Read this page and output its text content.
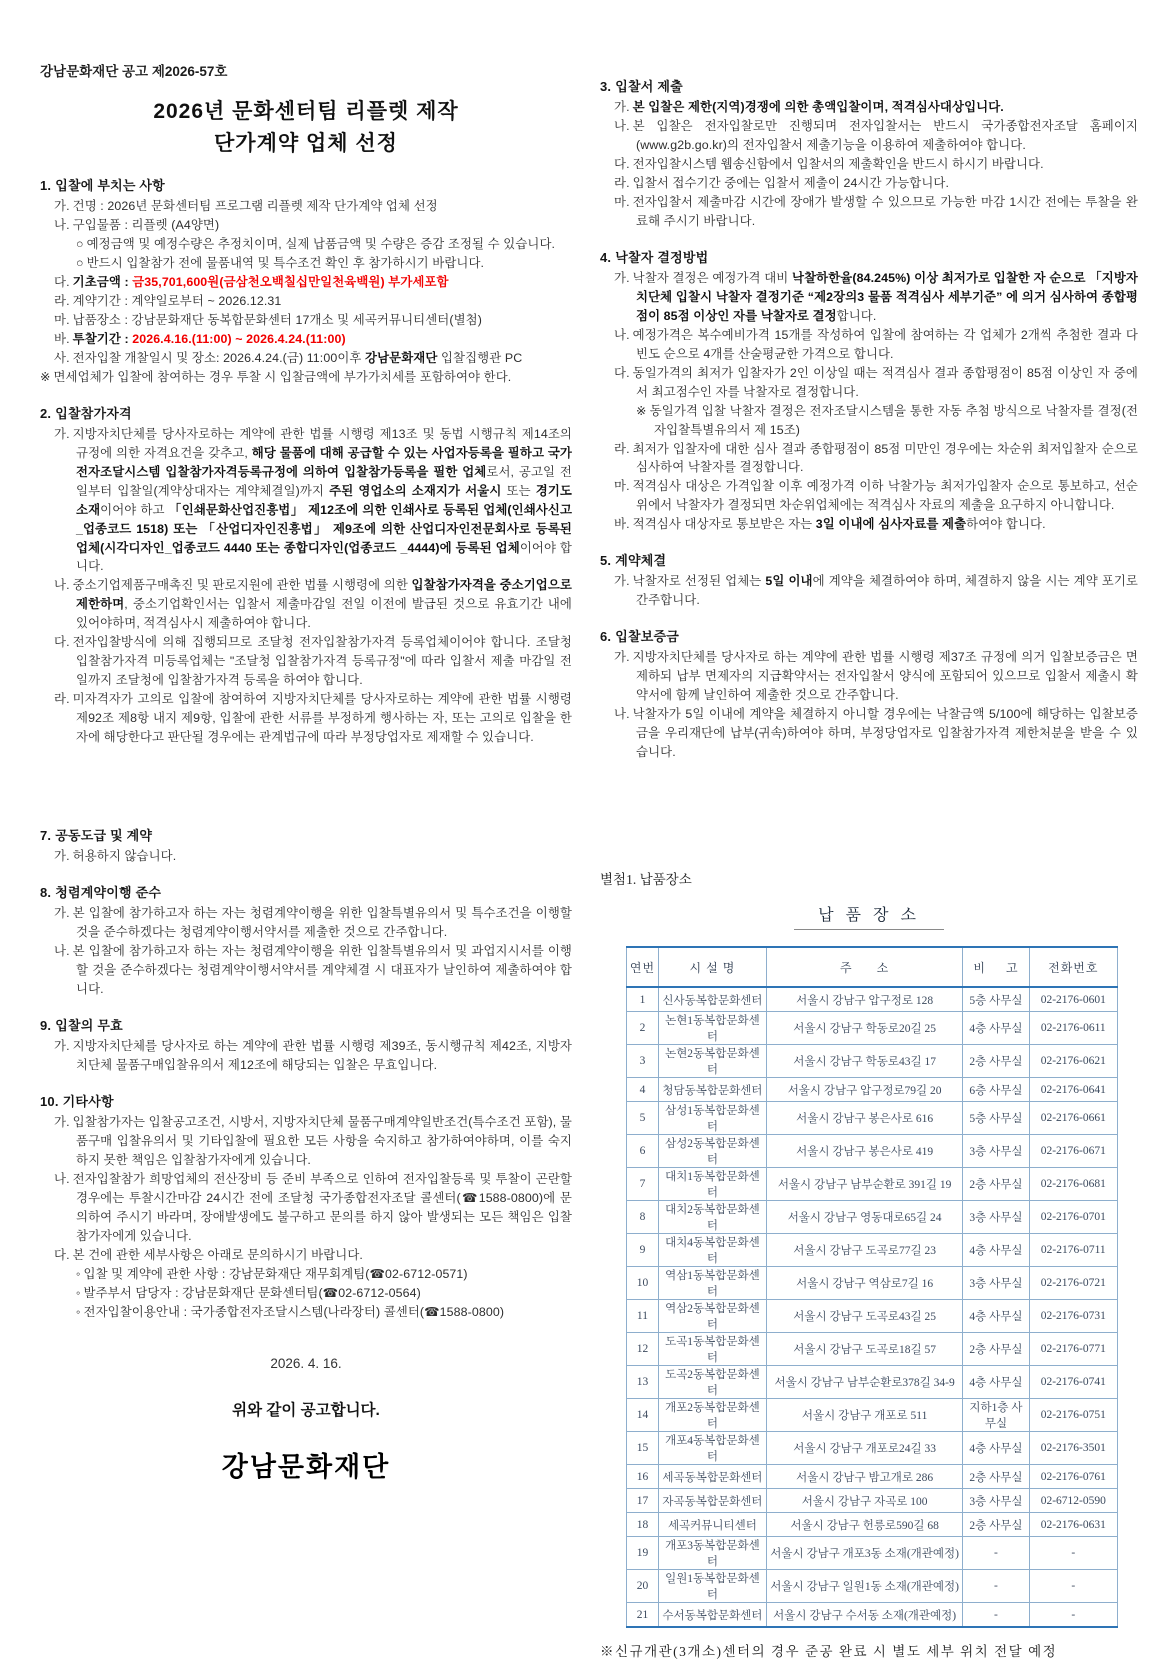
강남문화재단 공고 제2026-57호
2026년 문화센터팀 리플렛 제작
단가계약 업체 선정
1. 입찰에 부치는 사항
가. 건명 : 2026년 문화센터팀 프로그램 리플렛 제작 단가계약 업체 선정
나. 구입물품 : 리플렛 (A4양면)
○ 예정금액 및 예정수량은 추정치이며, 실제 납품금액 및 수량은 증감 조정될 수 있습니다.
○ 반드시 입찰참가 전에 물품내역 및 특수조건 확인 후 참가하시기 바랍니다.
다. 기초금액 : 금35,701,600원(금삼천오백칠십만일천육백원) 부가세포함
라. 계약기간 : 계약일로부터 ~ 2026.12.31
마. 납품장소 : 강남문화재단 동복합문화센터 17개소 및 세곡커뮤니티센터(별첨)
바. 투찰기간 : 2026.4.16.(11:00) ~ 2026.4.24.(11:00)
사. 전자입찰 개찰일시 및 장소: 2026.4.24.(금) 11:00이후 강남문화재단 입찰집행관 PC
※ 면세업체가 입찰에 참여하는 경우 투찰 시 입찰금액에 부가가치세를 포함하여야 한다.
2. 입찰참가자격
가. 지방자치단체를 당사자로하는 계약에 관한 법률 시행령 제13조 및 동법 시행규칙 제14조의 규정에 의한 자격요건을 갖추고, 해당 물품에 대해 공급할 수 있는 사업자등록을 필하고 국가전자조달시스템 입찰참가자격등록규정에 의하여 입찰참가등록을 필한 업체로서, 공고일 전일부터 입찰일(계약상대자는 계약체결일)까지 주된 영업소의 소재지가 서울시 또는 경기도 소재이어야 하고 「인쇄문화산업진흥법」 제12조에 의한 인쇄사로 등록된 업체(인쇄사신고_업종코드 1518) 또는 「산업디자인진흥법」 제9조에 의한 산업디자인전문회사로 등록된 업체(시각디자인_업종코드 4440 또는 종합디자인(업종코드 _4444)에 등록된 업체이어야 합니다.
나. 중소기업제품구매촉진 및 판로지원에 관한 법률 시행령에 의한 입찰참가자격을 중소기업으로 제한하며, 중소기업확인서는 입찰서 제출마감일 전일 이전에 발급된 것으로 유효기간 내에 있어야하며, 적격심사시 제출하여야 합니다.
다. 전자입찰방식에 의해 집행되므로 조달청 전자입찰참가자격 등록업체이어야 합니다. 조달청 입찰참가자격 미등록업체는 "조달청 입찰참가자격 등록규정"에 따라 입찰서 제출 마감일 전일까지 조달청에 입찰참가자격 등록을 하여야 합니다.
라. 미자격자가 고의로 입찰에 참여하여 지방자치단체를 당사자로하는 계약에 관한 법률 시행령 제92조 제8항 내지 제9항, 입찰에 관한 서류를 부정하게 행사하는 자, 또는 고의로 입찰을 한 자에 해당한다고 판단될 경우에는 관계법규에 따라 부정당업자로 제재할 수 있습니다.
7. 공동도급 및 계약
가. 허용하지 않습니다.
8. 청렴계약이행 준수
가. 본 입찰에 참가하고자 하는 자는 청렴계약이행을 위한 입찰특별유의서 및 특수조건을 이행할 것을 준수하겠다는 청렴계약이행서약서를 제출한 것으로 간주합니다.
나. 본 입찰에 참가하고자 하는 자는 청렴계약이행을 위한 입찰특별유의서 및 과업지시서를 이행할 것을 준수하겠다는 청렴계약이행서약서를 계약체결 시 대표자가 날인하여 제출하여야 합니다.
9. 입찰의 무효
가. 지방자치단체를 당사자로 하는 계약에 관한 법률 시행령 제39조, 동시행규칙 제42조, 지방자치단체 물품구매입찰유의서 제12조에 해당되는 입찰은 무효입니다.
10. 기타사항
가. 입찰참가자는 입찰공고조건, 시방서, 지방자치단체 물품구매계약일반조건(특수조건 포함), 물품구매 입찰유의서 및 기타입찰에 필요한 모든 사항을 숙지하고 참가하여야하며, 이를 숙지하지 못한 책임은 입찰참가자에게 있습니다.
나. 전자입찰참가 희망업체의 전산장비 등 준비 부족으로 인하여 전자입찰등록 및 투찰이 곤란할 경우에는 투찰시간마감 24시간 전에 조달청 국가종합전자조달 콜센터(☎1588-0800)에 문의하여 주시기 바라며, 장애발생에도 불구하고 문의를 하지 않아 발생되는 모든 책임은 입찰참가자에게 있습니다.
다. 본 건에 관한 세부사항은 아래로 문의하시기 바랍니다.
◦ 입찰 및 계약에 관한 사항 : 강남문화재단 재무회계팀(☎02-6712-0571)
◦ 발주부서 담당자 : 강남문화재단 문화센터팀(☎02-6712-0564)
◦ 전자입찰이용안내 : 국가종합전자조달시스템(나라장터) 콜센터(☎1588-0800)
2026. 4. 16.
위와 같이 공고합니다.
강남문화재단
3. 입찰서 제출
가. 본 입찰은 제한(지역)경쟁에 의한 총액입찰이며, 적격심사대상입니다.
나. 본 입찰은 전자입찰로만 진행되며 전자입찰서는 반드시 국가종합전자조달 홈페이지 (www.g2b.go.kr)의 전자입찰서 제출기능을 이용하여 제출하여야 합니다.
다. 전자입찰시스템 웹송신함에서 입찰서의 제출확인을 반드시 하시기 바랍니다.
라. 입찰서 접수기간 중에는 입찰서 제출이 24시간 가능합니다.
마. 전자입찰서 제출마감 시간에 장애가 발생할 수 있으므로 가능한 마감 1시간 전에는 투찰을 완료해 주시기 바랍니다.
4. 낙찰자 결정방법
가. 낙찰자 결정은 예정가격 대비 낙찰하한율(84.245%) 이상 최저가로 입찰한 자 순으로 「지방자치단체 입찰시 낙찰자 결정기준 “제2장의3 물품 적격심사 세부기준” 에 의거 심사하여 종합평점이 85점 이상인 자를 낙찰자로 결정합니다.
나. 예정가격은 복수예비가격 15개를 작성하여 입찰에 참여하는 각 업체가 2개씩 추첨한 결과 다빈도 순으로 4개를 산술평균한 가격으로 합니다.
다. 동일가격의 최저가 입찰자가 2인 이상일 때는 적격심사 결과 종합평점이 85점 이상인 자 중에서 최고점수인 자를 낙찰자로 결정합니다.
※ 동일가격 입찰 낙찰자 결정은 전자조달시스템을 통한 자동 추첨 방식으로 낙찰자를 결정(전자입찰특별유의서 제 15조)
라. 최저가 입찰자에 대한 심사 결과 종합평점이 85점 미만인 경우에는 차순위 최저입찰자 순으로 심사하여 낙찰자를 결정합니다.
마. 적격심사 대상은 가격입찰 이후 예정가격 이하 낙찰가능 최저가입찰자 순으로 통보하고, 선순위에서 낙찰자가 결정되면 차순위업체에는 적격심사 자료의 제출을 요구하지 아니합니다.
바. 적격심사 대상자로 통보받은 자는 3일 이내에 심사자료를 제출하여야 합니다.
5. 계약체결
가. 낙찰자로 선정된 업체는 5일 이내에 계약을 체결하여야 하며, 체결하지 않을 시는 계약 포기로 간주합니다.
6. 입찰보증금
가. 지방자치단체를 당사자로 하는 계약에 관한 법률 시행령 제37조 규정에 의거 입찰보증금은 면제하되 납부 면제자의 지급확약서는 전자입찰서 양식에 포함되어 있으므로 입찰서 제출시 확약서에 함께 날인하여 제출한 것으로 간주합니다.
나. 낙찰자가 5일 이내에 계약을 체결하지 아니할 경우에는 낙찰금액 5/100에 해당하는 입찰보증금을 우리재단에 납부(귀속)하여야 하며, 부정당업자로 입찰참가자격 제한처분을 받을 수 있습니다.
별첨1. 납품장소
납 품 장 소
연번	시 설 명	주      소	비     고	전화번호
1	신사동복합문화센터	서울시 강남구 압구정로 128	5층 사무실	02-2176-0601
2	논현1동복합문화센터	서울시 강남구 학동로20길 25	4층 사무실	02-2176-0611
3	논현2동복합문화센터	서울시 강남구 학동로43길 17	2층 사무실	02-2176-0621
4	청담동복합문화센터	서울시 강남구 압구정로79길 20	6층 사무실	02-2176-0641
5	삼성1동복합문화센터	서울시 강남구 봉은사로 616	5층 사무실	02-2176-0661
6	삼성2동복합문화센터	서울시 강남구 봉은사로 419	3층 사무실	02-2176-0671
7	대치1동복합문화센터	서울시 강남구 남부순환로 391길 19	2층 사무실	02-2176-0681
8	대치2동복합문화센터	서울시 강남구 영동대로65길 24	3층 사무실	02-2176-0701
9	대치4동복합문화센터	서울시 강남구 도곡로77길 23	4층 사무실	02-2176-0711
10	역삼1동복합문화센터	서울시 강남구 역삼로7길 16	3층 사무실	02-2176-0721
11	역삼2동복합문화센터	서울시 강남구 도곡로43길 25	4층 사무실	02-2176-0731
12	도곡1동복합문화센터	서울시 강남구 도곡로18길 57	2층 사무실	02-2176-0771
13	도곡2동복합문화센터	서울시 강남구 남부순환로378길 34-9	4층 사무실	02-2176-0741
14	개포2동복합문화센터	서울시 강남구 개포로 511	지하1층 사무실	02-2176-0751
15	개포4동복합문화센터	서울시 강남구 개포로24길 33	4층 사무실	02-2176-3501
16	세곡동복합문화센터	서울시 강남구 밤고개로 286	2층 사무실	02-2176-0761
17	자곡동복합문화센터	서울시 강남구 자곡로 100	3층 사무실	02-6712-0590
18	세곡커뮤니티센터	서울시 강남구 헌릉로590길 68	2층 사무실	02-2176-0631
19	개포3동복합문화센터	서울시 강남구 개포3동 소재(개관예정)	-	-
20	일원1동복합문화센터	서울시 강남구 일원1동 소재(개관예정)	-	-
21	수서동복합문화센터	서울시 강남구 수서동 소재(개관예정)	-	-
※신규개관(3개소)센터의 경우 준공 완료 시 별도 세부 위치 전달 예정
